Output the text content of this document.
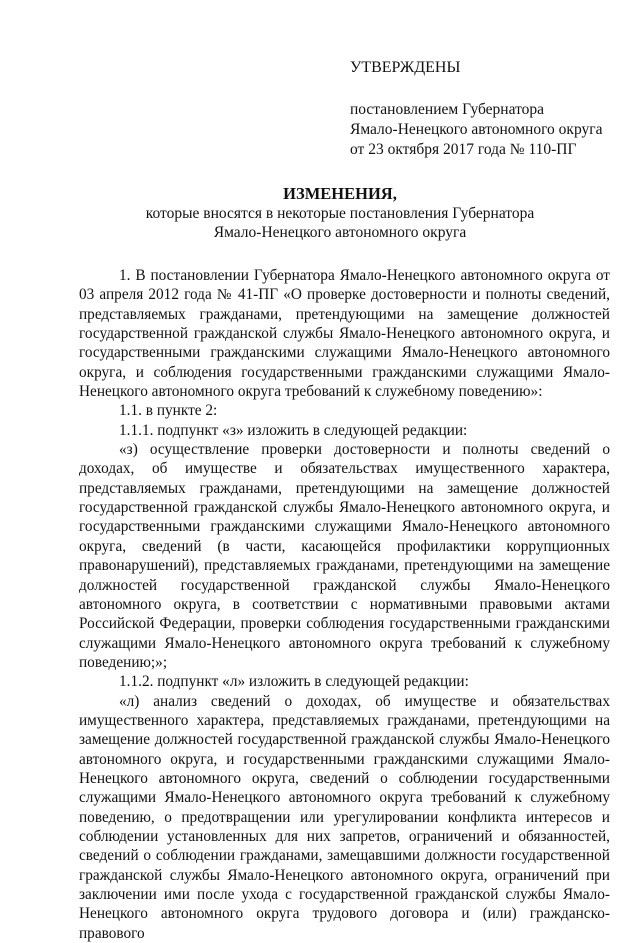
УТВЕРЖДЕНЫ
постановлением Губернатора
Ямало-Ненецкого автономного округа
от 23 октября 2017 года № 110-ПГ
ИЗМЕНЕНИЯ,
которые вносятся в некоторые постановления Губернатора
Ямало-Ненецкого автономного округа

1. В постановлении Губернатора Ямало-Ненецкого автономного округа от 03 апреля 2012 года № 41-ПГ «О проверке достоверности и полноты сведений, представляемых гражданами, претендующими на замещение должностей государственной гражданской службы Ямало-Ненецкого автономного округа, и государственными гражданскими служащими Ямало-Ненецкого автономного округа, и соблюдения государственными гражданскими служащими Ямало-Ненецкого автономного округа требований к служебному поведению»:

1.1. в пункте 2:

1.1.1. подпункт «з» изложить в следующей редакции:

«з) осуществление проверки достоверности и полноты сведений о доходах, об имуществе и обязательствах имущественного характера, представляемых гражданами, претендующими на замещение должностей государственной гражданской службы Ямало-Ненецкого автономного округа, и государственными гражданскими служащими Ямало-Ненецкого автономного округа, сведений (в части, касающейся профилактики коррупционных правонарушений), представляемых гражданами, претендующими на замещение должностей государственной гражданской службы Ямало-Ненецкого автономного округа, в соответствии с нормативными правовыми актами Российской Федерации, проверки соблюдения государственными гражданскими служащими Ямало-Ненецкого автономного округа требований к служебному поведению;»;

1.1.2. подпункт «л» изложить в следующей редакции:

«л) анализ сведений о доходах, об имуществе и обязательствах имущественного характера, представляемых гражданами, претендующими на замещение должностей государственной гражданской службы Ямало-Ненецкого автономного округа, и государственными гражданскими служащими Ямало-Ненецкого автономного округа, сведений о соблюдении государственными служащими Ямало-Ненецкого автономного округа требований к служебному поведению, о предотвращении или урегулировании конфликта интересов и соблюдении установленных для них запретов, ограничений и обязанностей, сведений о соблюдении гражданами, замещавшими должности государственной гражданской службы Ямало-Ненецкого автономного округа, ограничений при заключении ими после ухода с государственной гражданской службы Ямало-Ненецкого автономного округа трудового договора и (или) гражданско-правового
